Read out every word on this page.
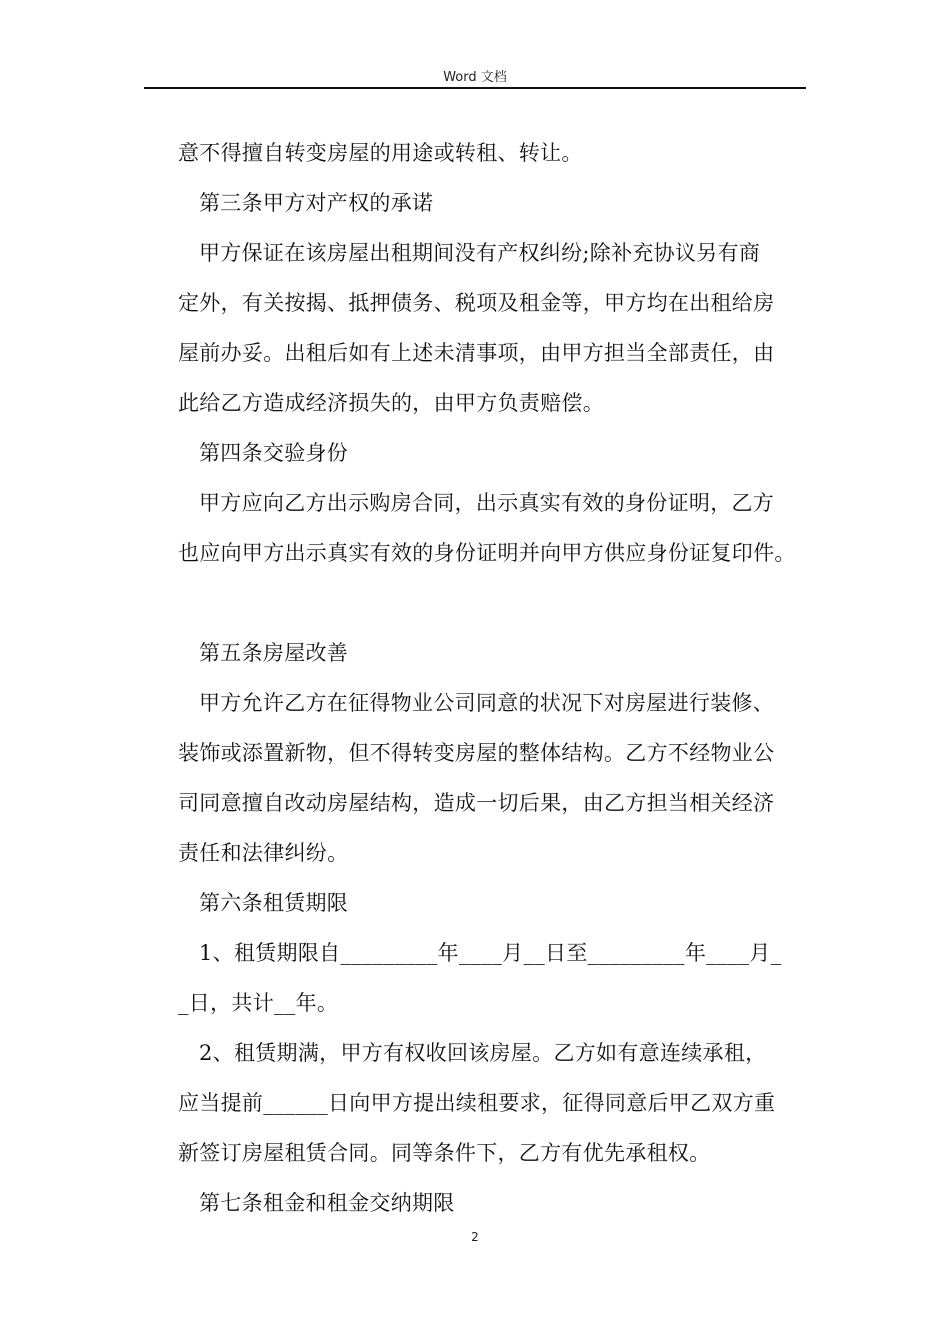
Word 文档
意不得擅自转变房屋的用途或转租、转让。
第三条甲方对产权的承诺
甲方保证在该房屋出租期间没有产权纠纷;除补充协议另有商
定外，有关按揭、抵押债务、税项及租金等，甲方均在出租给房
屋前办妥。出租后如有上述未清事项，由甲方担当全部责任，由
此给乙方造成经济损失的，由甲方负责赔偿。
第四条交验身份
甲方应向乙方出示购房合同，出示真实有效的身份证明，乙方
也应向甲方出示真实有效的身份证明并向甲方供应身份证复印件。
第五条房屋改善
甲方允许乙方在征得物业公司同意的状况下对房屋进行装修、
装饰或添置新物，但不得转变房屋的整体结构。乙方不经物业公
司同意擅自改动房屋结构，造成一切后果，由乙方担当相关经济
责任和法律纠纷。
第六条租赁期限
1、租赁期限自_________年____月__日至_________年____月_
_日，共计__年。
2、租赁期满，甲方有权收回该房屋。乙方如有意连续承租，
应当提前______日向甲方提出续租要求，征得同意后甲乙双方重
新签订房屋租赁合同。同等条件下，乙方有优先承租权。
第七条租金和租金交纳期限
2
